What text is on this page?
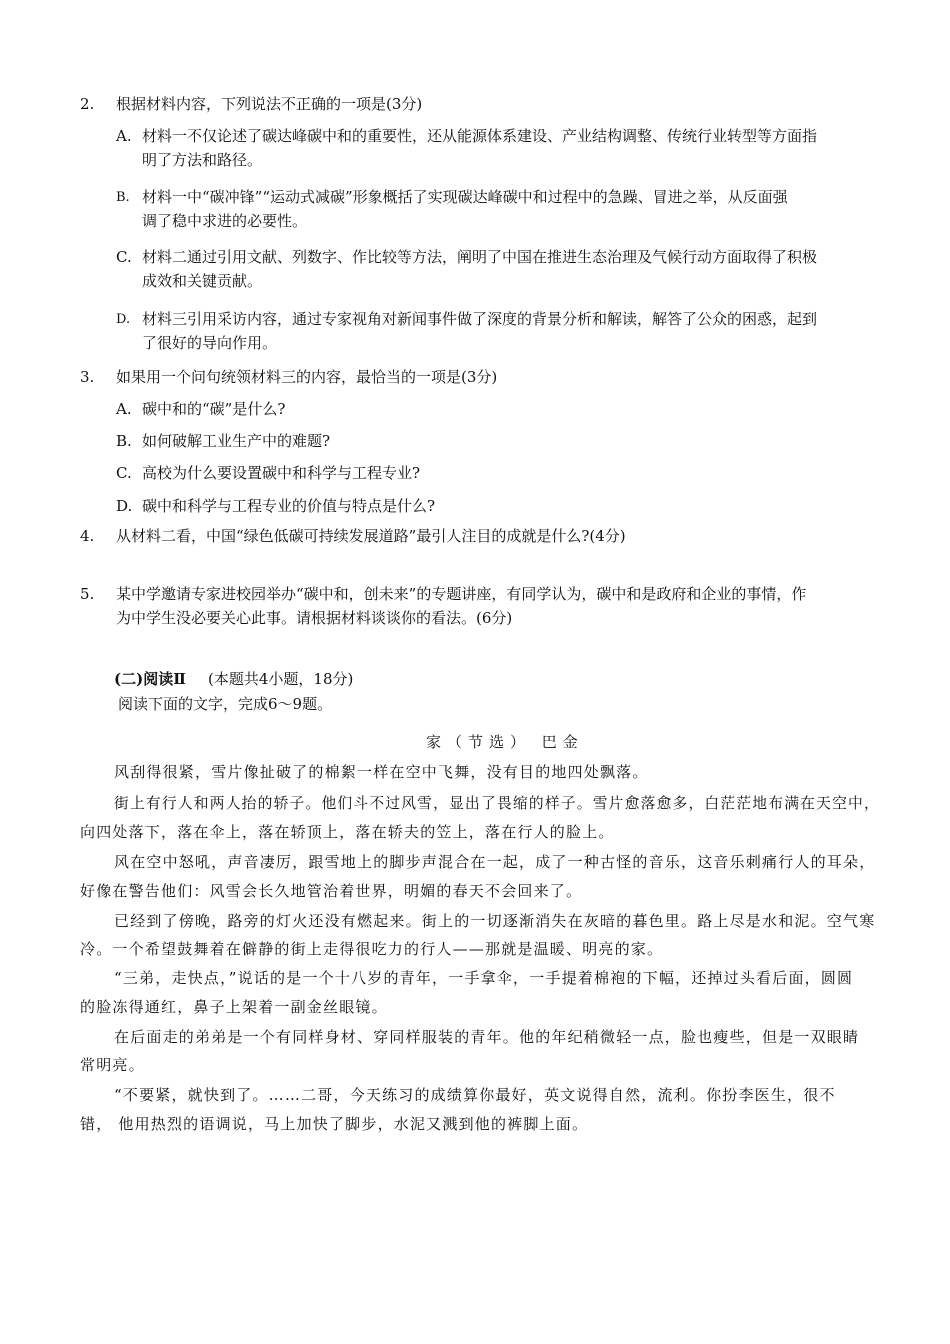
2. 根据材料内容，下列说法不正确的一项是(3分)
A. 材料一不仅论述了碳达峰碳中和的重要性，还从能源体系建设、产业结构调整、传统行业转型等方面指
明了方法和路径。
B. 材料一中“碳冲锋”“运动式减碳”形象概括了实现碳达峰碳中和过程中的急躁、冒进之举，从反面强
调了稳中求进的必要性。
C. 材料二通过引用文献、列数字、作比较等方法，阐明了中国在推进生态治理及气候行动方面取得了积极
成效和关键贡献。
D. 材料三引用采访内容，通过专家视角对新闻事件做了深度的背景分析和解读，解答了公众的困惑，起到
了很好的导向作用。
3. 如果用一个问句统领材料三的内容，最恰当的一项是(3分)
A. 碳中和的“碳”是什么?
B. 如何破解工业生产中的难题?
C. 高校为什么要设置碳中和科学与工程专业?
D. 碳中和科学与工程专业的价值与特点是什么?
4. 从材料二看，中国“绿色低碳可持续发展道路”最引人注目的成就是什么?(4分)
5. 某中学邀请专家进校园举办“碳中和，创未来”的专题讲座，有同学认为，碳中和是政府和企业的事情，作
为中学生没必要关心此事。请根据材料谈谈你的看法。(6分)
(二)阅读Ⅱ (本题共4小题，18分)
阅读下面的文字，完成6～9题。
家（节选） 巴金
风刮得很紧，雪片像扯破了的棉絮一样在空中飞舞，没有目的地四处飘落。
街上有行人和两人抬的轿子。他们斗不过风雪，显出了畏缩的样子。雪片愈落愈多，白茫茫地布满在天空中，
向四处落下，落在伞上，落在轿顶上，落在轿夫的笠上，落在行人的脸上。
风在空中怒吼，声音凄厉，跟雪地上的脚步声混合在一起，成了一种古怪的音乐，这音乐刺痛行人的耳朵，
好像在警告他们：风雪会长久地管治着世界，明媚的春天不会回来了。
已经到了傍晚，路旁的灯火还没有燃起来。街上的一切逐渐消失在灰暗的暮色里。路上尽是水和泥。空气寒
冷。一个希望鼓舞着在僻静的街上走得很吃力的行人——那就是温暖、明亮的家。
“三弟，走快点，”说话的是一个十八岁的青年，一手拿伞，一手提着棉袍的下幅，还掉过头看后面，圆圆
的脸冻得通红，鼻子上架着一副金丝眼镜。
在后面走的弟弟是一个有同样身材、穿同样服装的青年。他的年纪稍微轻一点，脸也瘦些，但是一双眼睛
常明亮。
“不要紧，就快到了。……二哥，今天练习的成绩算你最好，英文说得自然，流利。你扮李医生，很不
错， 他用热烈的语调说，马上加快了脚步，水泥又溅到他的裤脚上面。
